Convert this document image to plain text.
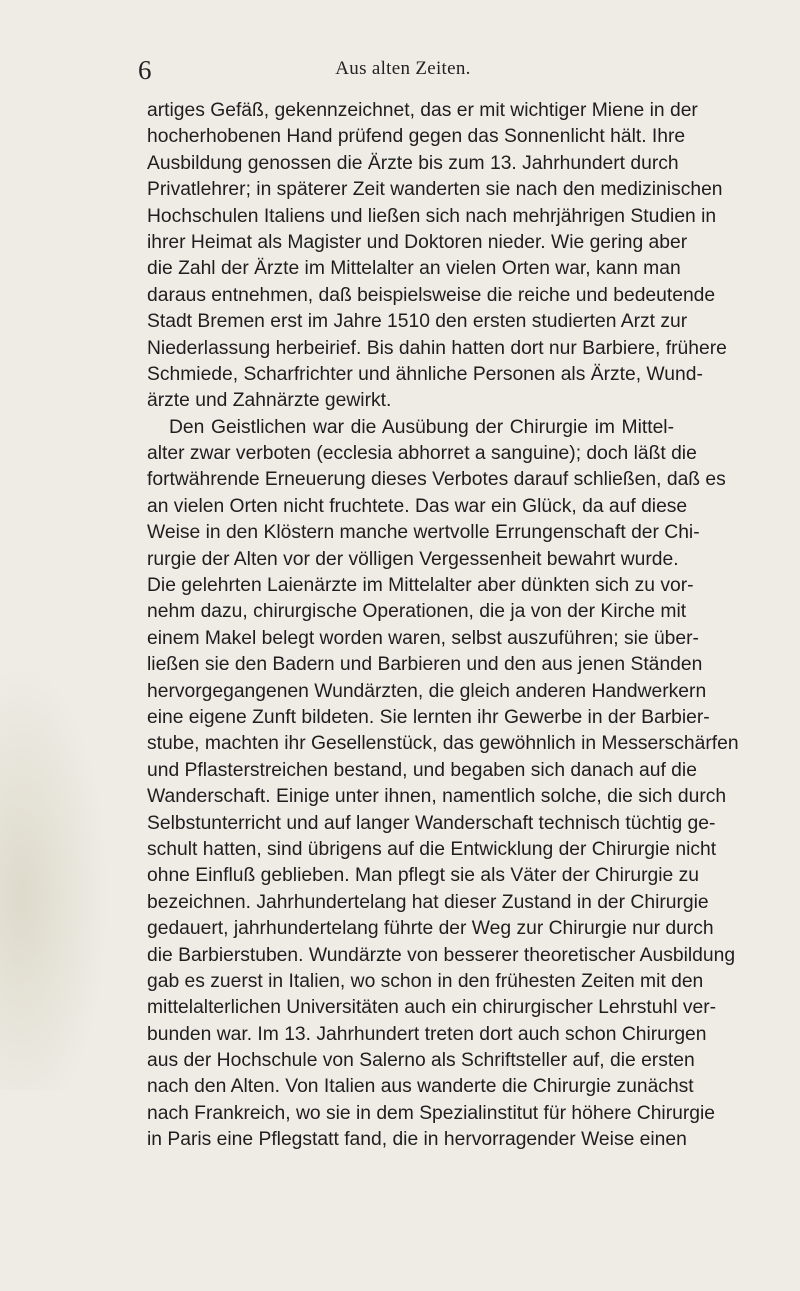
6	Aus alten Zeiten.
artiges Gefäß, gekennzeichnet, das er mit wichtiger Miene in der
hocherhobenen Hand prüfend gegen das Sonnenlicht hält. Ihre
Ausbildung genossen die Ärzte bis zum 13. Jahrhundert durch
Privatlehrer; in späterer Zeit wanderten sie nach den medizinischen
Hochschulen Italiens und ließen sich nach mehrjährigen Studien in
ihrer Heimat als Magister und Doktoren nieder. Wie gering aber
die Zahl der Ärzte im Mittelalter an vielen Orten war, kann man
daraus entnehmen, daß beispielsweise die reiche und bedeutende
Stadt Bremen erst im Jahre 1510 den ersten studierten Arzt zur
Niederlassung herbeirief. Bis dahin hatten dort nur Barbiere, frühere
Schmiede, Scharfrichter und ähnliche Personen als Ärzte, Wund-
ärzte und Zahnärzte gewirkt.
Den Geistlichen war die Ausübung der Chirurgie im Mittel-
alter zwar verboten (ecclesia abhorret a sanguine); doch läßt die
fortwährende Erneuerung dieses Verbotes darauf schließen, daß es
an vielen Orten nicht fruchtete. Das war ein Glück, da auf diese
Weise in den Klöstern manche wertvolle Errungenschaft der Chi-
rurgie der Alten vor der völligen Vergessenheit bewahrt wurde.
Die gelehrten Laienärzte im Mittelalter aber dünkten sich zu vor-
nehm dazu, chirurgische Operationen, die ja von der Kirche mit
einem Makel belegt worden waren, selbst auszuführen; sie über-
ließen sie den Badern und Barbieren und den aus jenen Ständen
hervorgegangenen Wundärzten, die gleich anderen Handwerkern
eine eigene Zunft bildeten. Sie lernten ihr Gewerbe in der Barbier-
stube, machten ihr Gesellenstück, das gewöhnlich in Messerschärfen
und Pflasterstreichen bestand, und begaben sich danach auf die
Wanderschaft. Einige unter ihnen, namentlich solche, die sich durch
Selbstunterricht und auf langer Wanderschaft technisch tüchtig ge-
schult hatten, sind übrigens auf die Entwicklung der Chirurgie nicht
ohne Einfluß geblieben. Man pflegt sie als Väter der Chirurgie zu
bezeichnen. Jahrhundertelang hat dieser Zustand in der Chirurgie
gedauert, jahrhundertelang führte der Weg zur Chirurgie nur durch
die Barbierstuben. Wundärzte von besserer theoretischer Ausbildung
gab es zuerst in Italien, wo schon in den frühesten Zeiten mit den
mittelalterlichen Universitäten auch ein chirurgischer Lehrstuhl ver-
bunden war. Im 13. Jahrhundert treten dort auch schon Chirurgen
aus der Hochschule von Salerno als Schriftsteller auf, die ersten
nach den Alten. Von Italien aus wanderte die Chirurgie zunächst
nach Frankreich, wo sie in dem Spezialinstitut für höhere Chirurgie
in Paris eine Pflegstatt fand, die in hervorragender Weise einen
